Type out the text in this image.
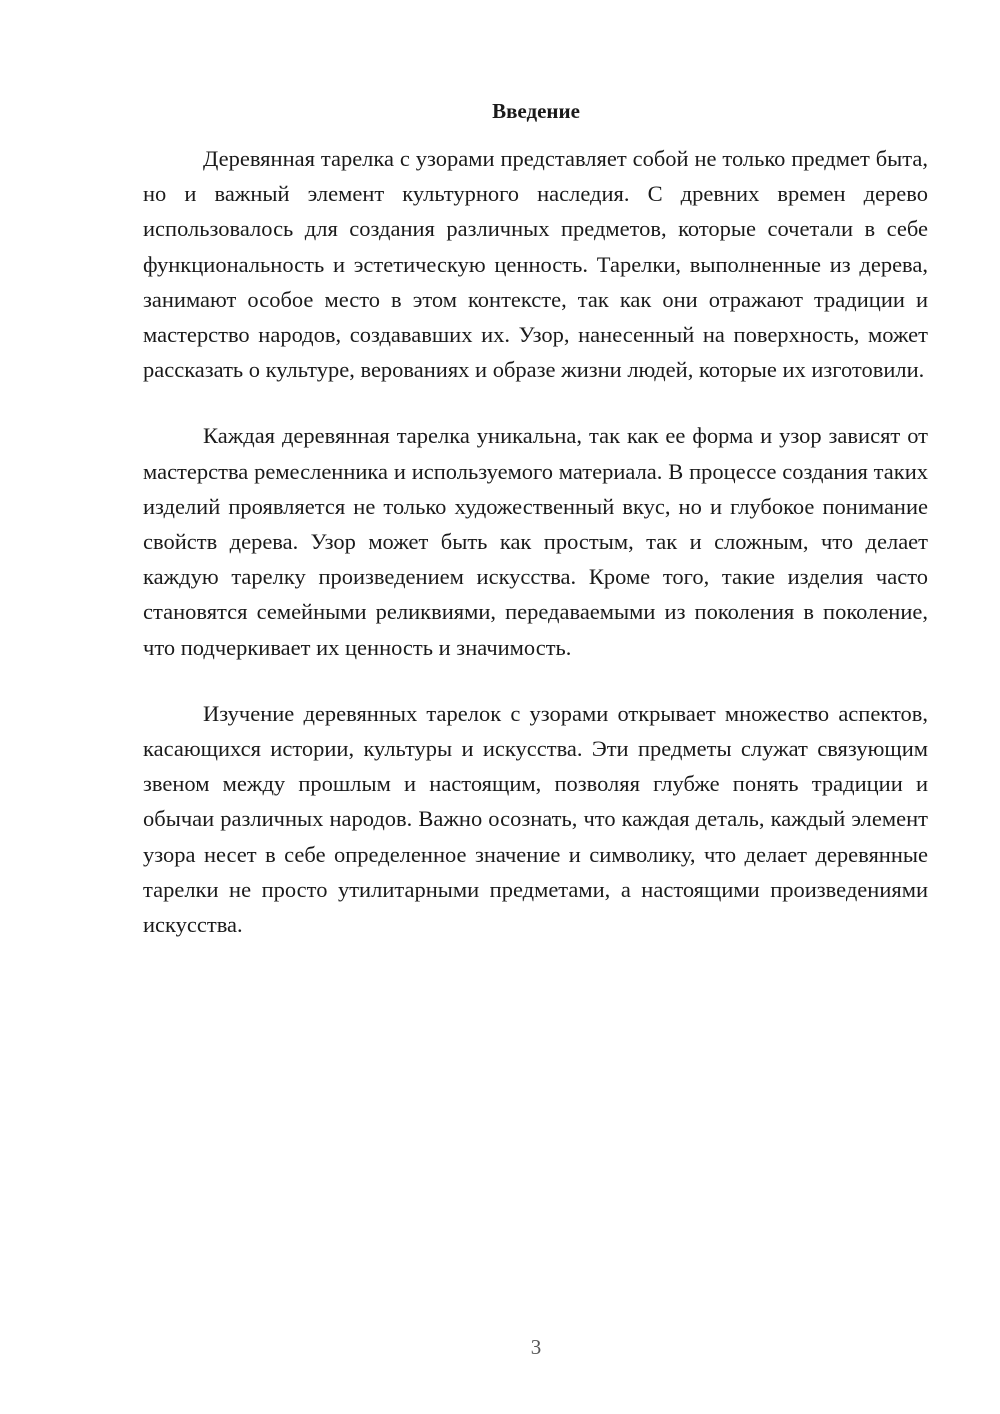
Введение

Деревянная тарелка с узорами представляет собой не только предмет быта, но и важный элемент культурного наследия. С древних времен дерево использовалось для создания различных предметов, которые сочетали в себе функциональность и эстетическую ценность. Тарелки, выполненные из дерева, занимают особое место в этом контексте, так как они отражают традиции и мастерство народов, создававших их. Узор, нанесенный на поверхность, может рассказать о культуре, верованиях и образе жизни людей, которые их изготовили.

Каждая деревянная тарелка уникальна, так как ее форма и узор зависят от мастерства ремесленника и используемого материала. В процессе создания таких изделий проявляется не только художественный вкус, но и глубокое понимание свойств дерева. Узор может быть как простым, так и сложным, что делает каждую тарелку произведением искусства. Кроме того, такие изделия часто становятся семейными реликвиями, передаваемыми из поколения в поколение, что подчеркивает их ценность и значимость.

Изучение деревянных тарелок с узорами открывает множество аспектов, касающихся истории, культуры и искусства. Эти предметы служат связующим звеном между прошлым и настоящим, позволяя глубже понять традиции и обычаи различных народов. Важно осознать, что каждая деталь, каждый элемент узора несет в себе определенное значение и символику, что делает деревянные тарелки не просто утилитарными предметами, а настоящими произведениями искусства.

3
